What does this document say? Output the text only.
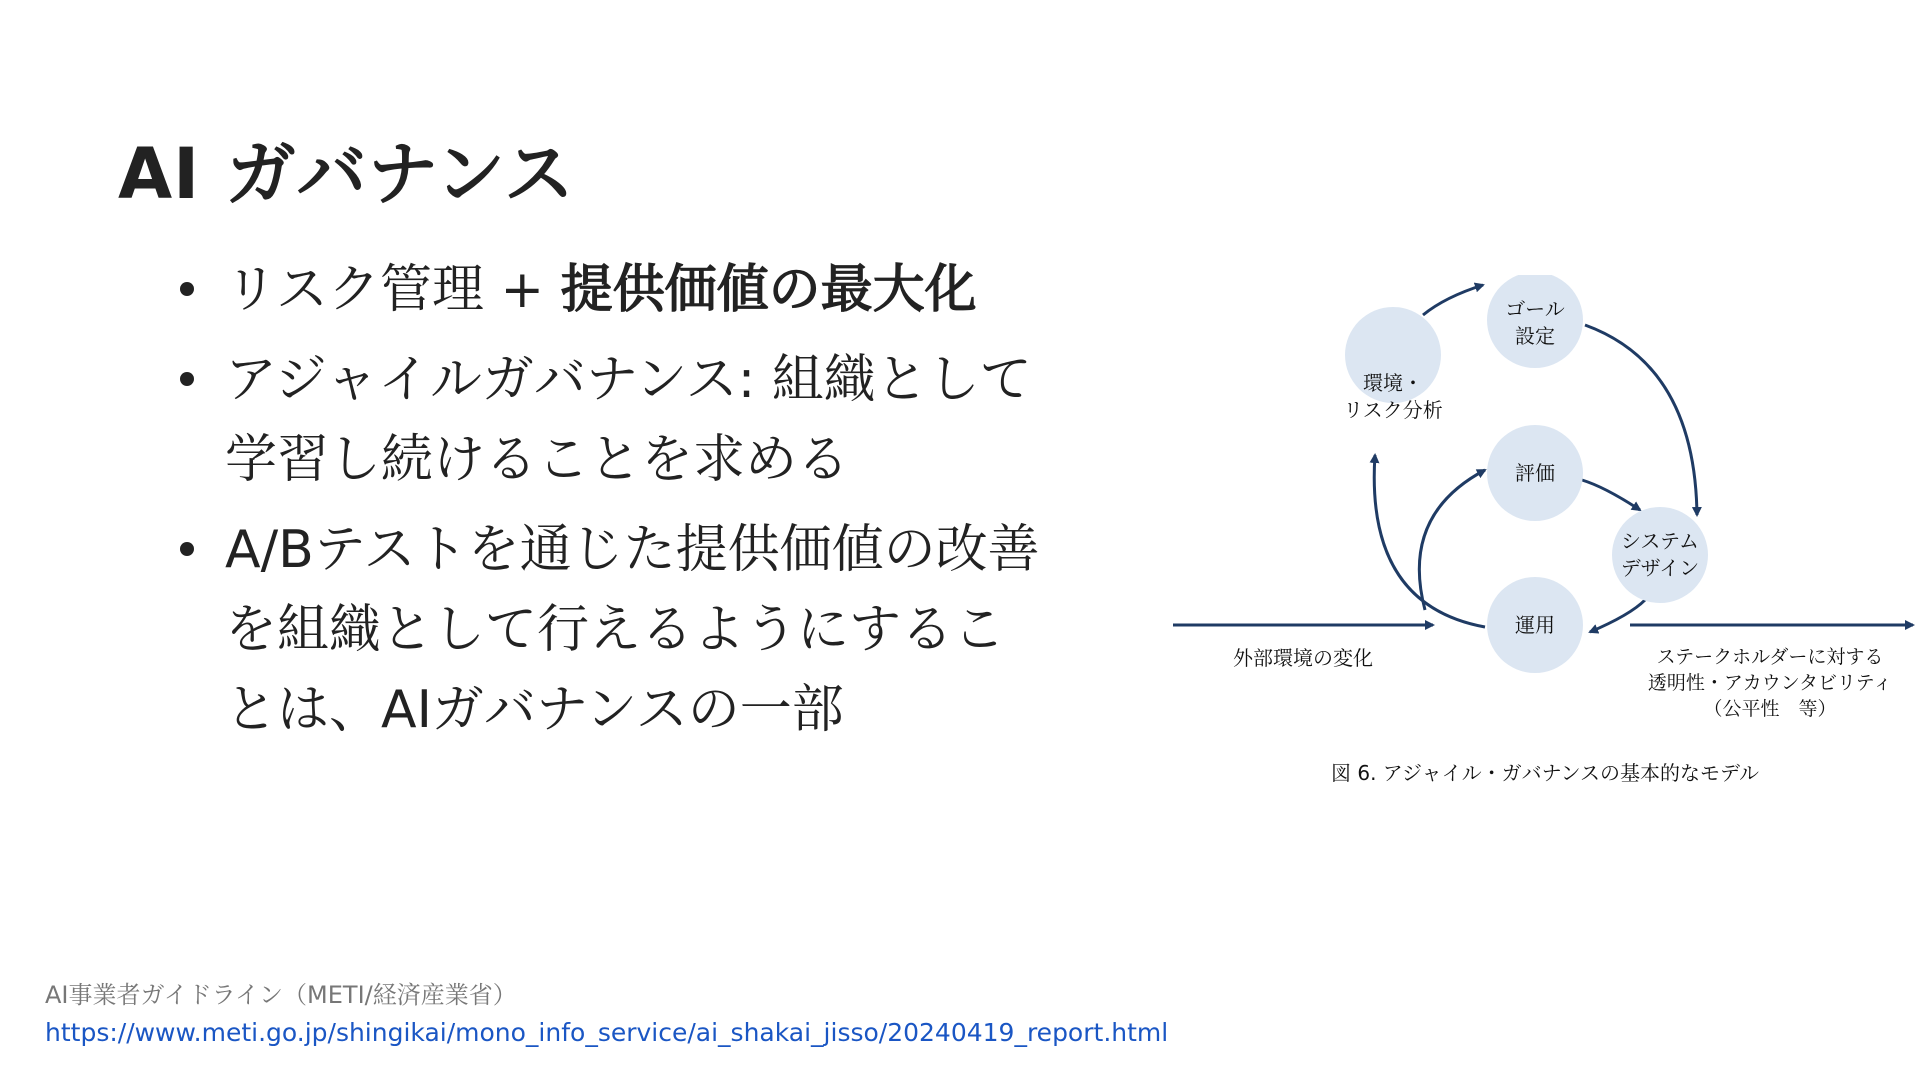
AI ガバナンス
リスク管理 + 提供価値の最大化
アジャイルガバナンス: 組織として学習し続けることを求める
A/Bテストを通じた提供価値の改善を組織として行えるようにすることは、AIガバナンスの一部
ゴール
設定
環境・
リスク分析
評価
システム
デザイン
運用
外部環境の変化	ステークホルダーに対する
透明性・アカウンタビリティ
（公平性　等）
図 6. アジャイル・ガバナンスの基本的なモデル
AI事業者ガイドライン（METI/経済産業省）
https://www.meti.go.jp/shingikai/mono_info_service/ai_shakai_jisso/20240419_report.html
